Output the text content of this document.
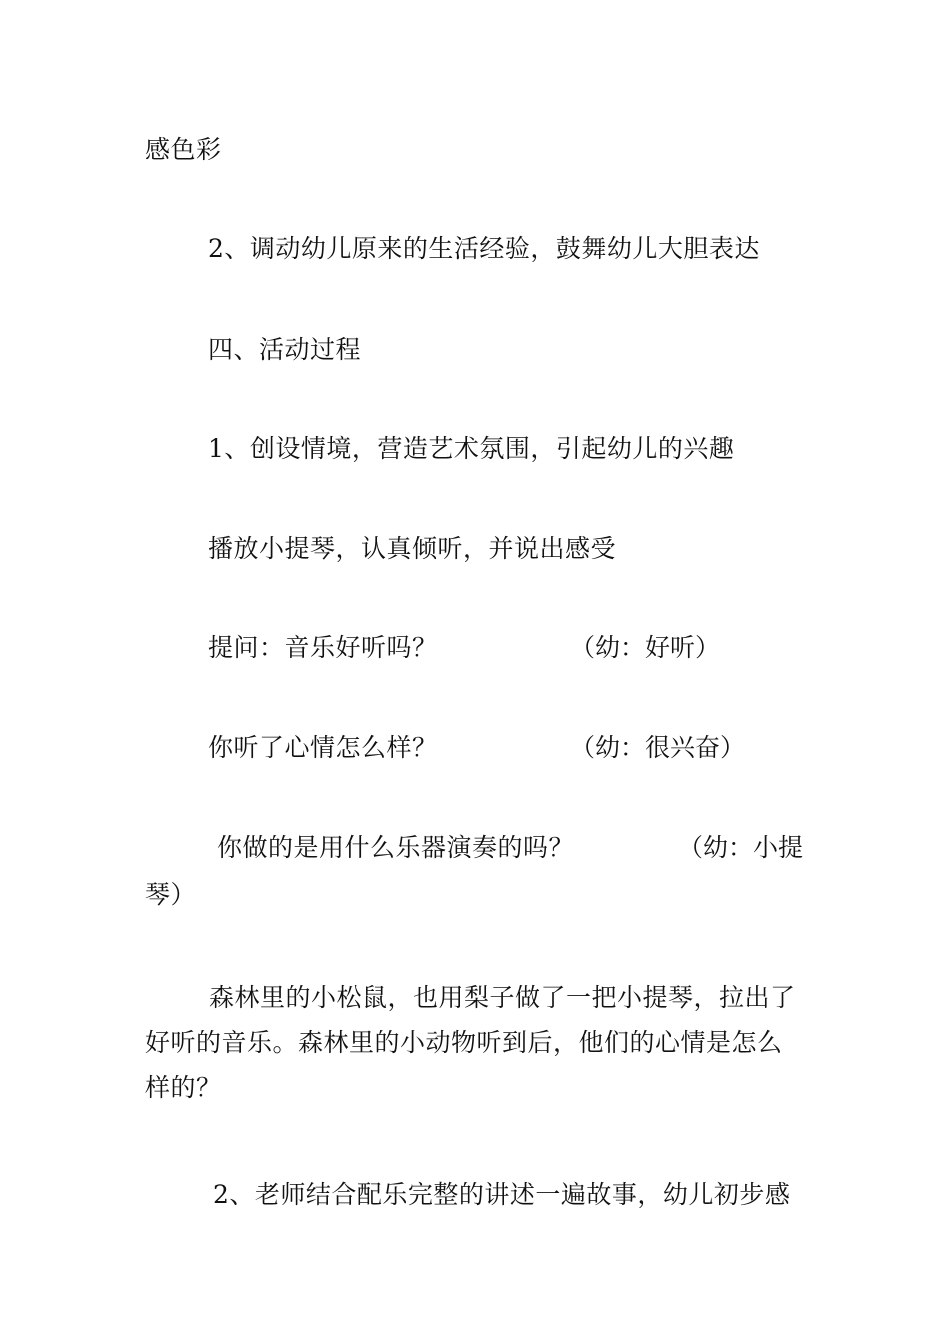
感色彩
2、调动幼儿原来的生活经验，鼓舞幼儿大胆表达
四、活动过程
1、创设情境，营造艺术氛围，引起幼儿的兴趣
播放小提琴，认真倾听，并说出感受
提问：音乐好听吗？	（幼：好听）
你听了心情怎么样？	（幼：很兴奋）
你做的是用什么乐器演奏的吗？	（幼：小提
琴）
森林里的小松鼠，也用梨子做了一把小提琴，拉出了好听的音乐。森林里的小动物听到后，他们的心情是怎么样的？
2、老师结合配乐完整的讲述一遍故事，幼儿初步感
